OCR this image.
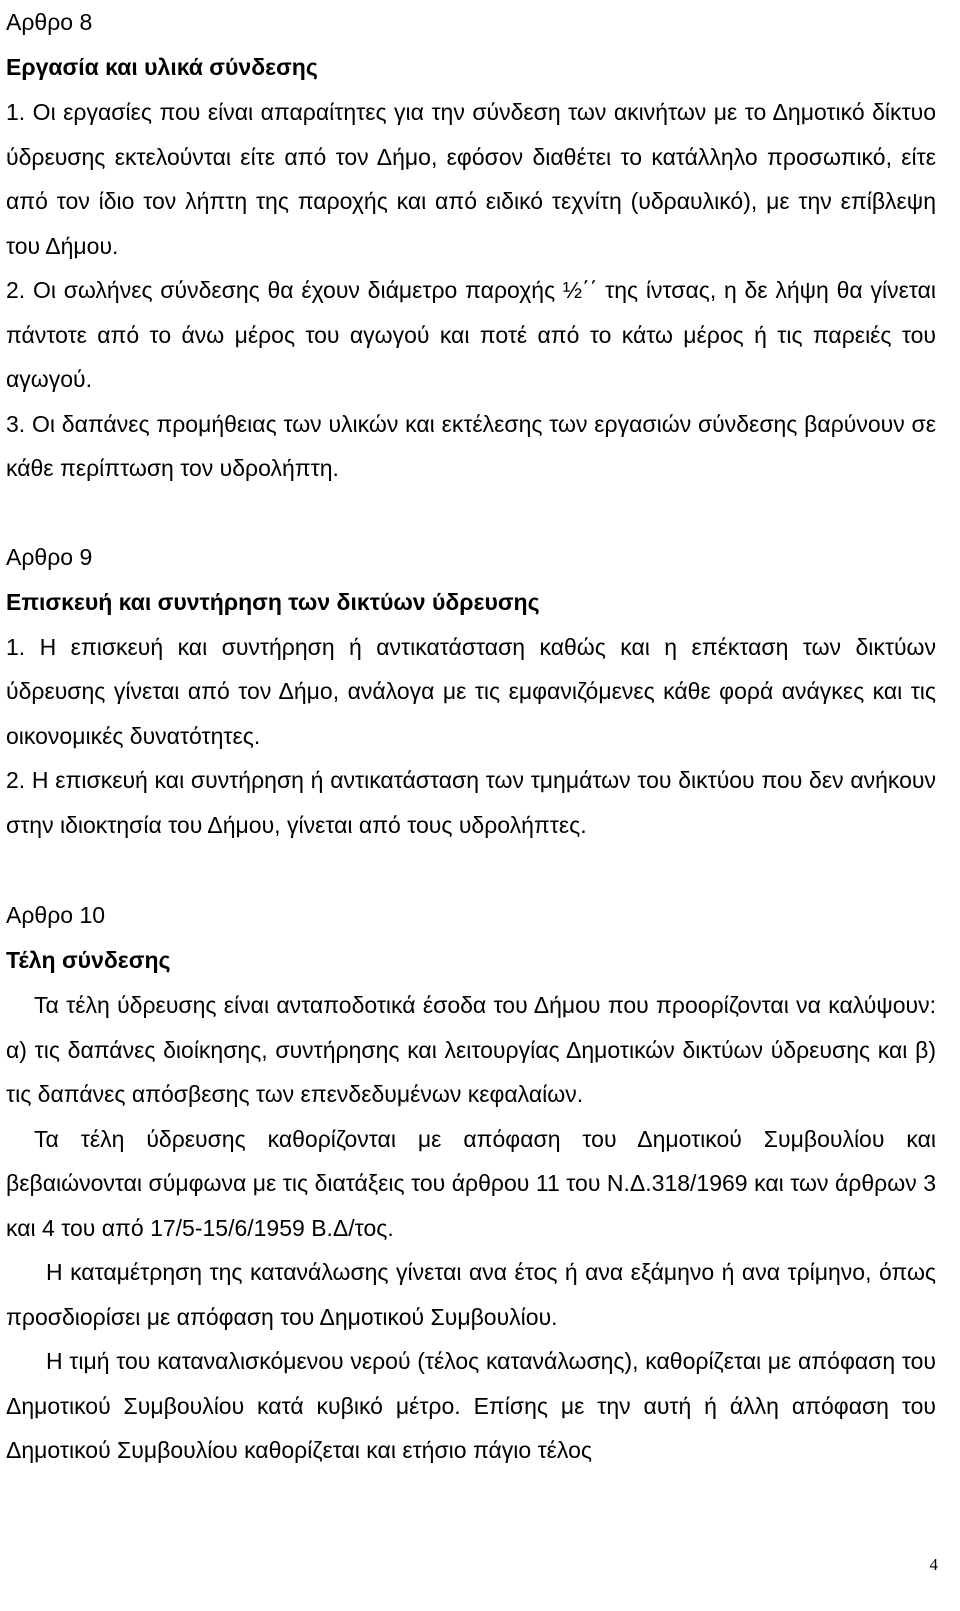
Αρθρο 8

Εργασία και υλικά σύνδεσης

1. Οι εργασίες που είναι απαραίτητες για την σύνδεση των ακινήτων με το Δημοτικό δίκτυο ύδρευσης εκτελούνται είτε από τον Δήμο, εφόσον διαθέτει το κατάλληλο προσωπικό, είτε από τον ίδιο τον λήπτη της παροχής και από ειδικό τεχνίτη (υδραυλικό), με την επίβλεψη του Δήμου.

2. Οι σωλήνες σύνδεσης θα έχουν διάμετρο παροχής ½΄΄ της ίντσας, η δε λήψη θα γίνεται πάντοτε από το άνω μέρος του αγωγού και ποτέ από το κάτω μέρος ή τις παρειές του αγωγού.

3. Οι δαπάνες προμήθειας των υλικών και εκτέλεσης των εργασιών σύνδεσης βαρύνουν σε κάθε περίπτωση τον υδρολήπτη.

Αρθρο 9

Επισκευή και συντήρηση των δικτύων ύδρευσης

1. Η επισκευή και συντήρηση ή αντικατάσταση καθώς και η επέκταση των δικτύων ύδρευσης γίνεται από τον Δήμο, ανάλογα με τις εμφανιζόμενες κάθε φορά ανάγκες και τις οικονομικές δυνατότητες.

2. Η επισκευή και συντήρηση ή αντικατάσταση των τμημάτων του δικτύου που δεν ανήκουν στην ιδιοκτησία του Δήμου, γίνεται από τους υδρολήπτες.

Αρθρο 10

Τέλη σύνδεσης

Τα τέλη ύδρευσης είναι ανταποδοτικά έσοδα του Δήμου που προορίζονται να καλύψουν: α) τις δαπάνες διοίκησης, συντήρησης και λειτουργίας Δημοτικών δικτύων ύδρευσης και β) τις δαπάνες απόσβεσης των επενδεδυμένων κεφαλαίων.

Τα τέλη ύδρευσης καθορίζονται με απόφαση του Δημοτικού Συμβουλίου και βεβαιώνονται σύμφωνα με τις διατάξεις του άρθρου 11 του Ν.Δ.318/1969 και των άρθρων 3 και 4 του από 17/5-15/6/1959 Β.Δ/τος.

Η καταμέτρηση της κατανάλωσης γίνεται ανα έτος ή ανα εξάμηνο ή ανα τρίμηνο, όπως προσδιορίσει με απόφαση του Δημοτικού Συμβουλίου.

Η τιμή του καταναλισκόμενου νερού (τέλος κατανάλωσης), καθορίζεται με απόφαση του Δημοτικού Συμβουλίου κατά κυβικό μέτρο. Επίσης με την αυτή ή άλλη απόφαση του Δημοτικού Συμβουλίου καθορίζεται και ετήσιο πάγιο τέλος

4
